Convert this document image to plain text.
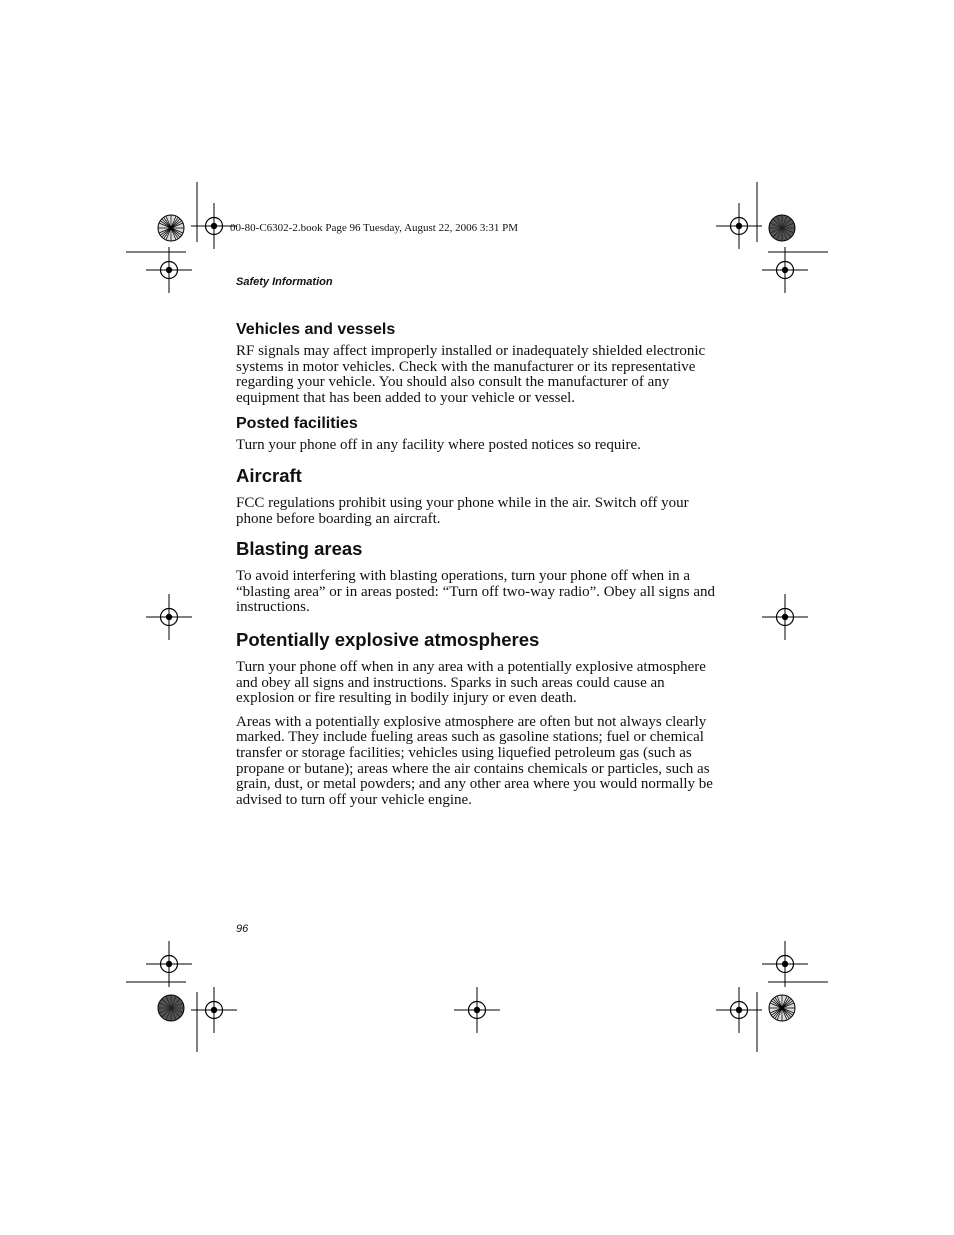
00-80-C6302-2.book Page 96 Tuesday, August 22, 2006 3:31 PM
Safety Information
Vehicles and vessels

RF signals may affect improperly installed or inadequately shielded electronic systems in motor vehicles. Check with the manufacturer or its representative regarding your vehicle. You should also consult the manufacturer of any equipment that has been added to your vehicle or vessel.

Posted facilities

Turn your phone off in any facility where posted notices so require.

Aircraft

FCC regulations prohibit using your phone while in the air. Switch off your phone before boarding an aircraft.

Blasting areas

To avoid interfering with blasting operations, turn your phone off when in a “blasting area” or in areas posted: “Turn off two-way radio”. Obey all signs and instructions.

Potentially explosive atmospheres

Turn your phone off when in any area with a potentially explosive atmosphere and obey all signs and instructions. Sparks in such areas could cause an explosion or fire resulting in bodily injury or even death.

Areas with a potentially explosive atmosphere are often but not always clearly marked. They include fueling areas such as gasoline stations; fuel or chemical transfer or storage facilities; vehicles using liquefied petroleum gas (such as propane or butane); areas where the air contains chemicals or particles, such as grain, dust, or metal powders; and any other area where you would normally be advised to turn off your vehicle engine.

96
